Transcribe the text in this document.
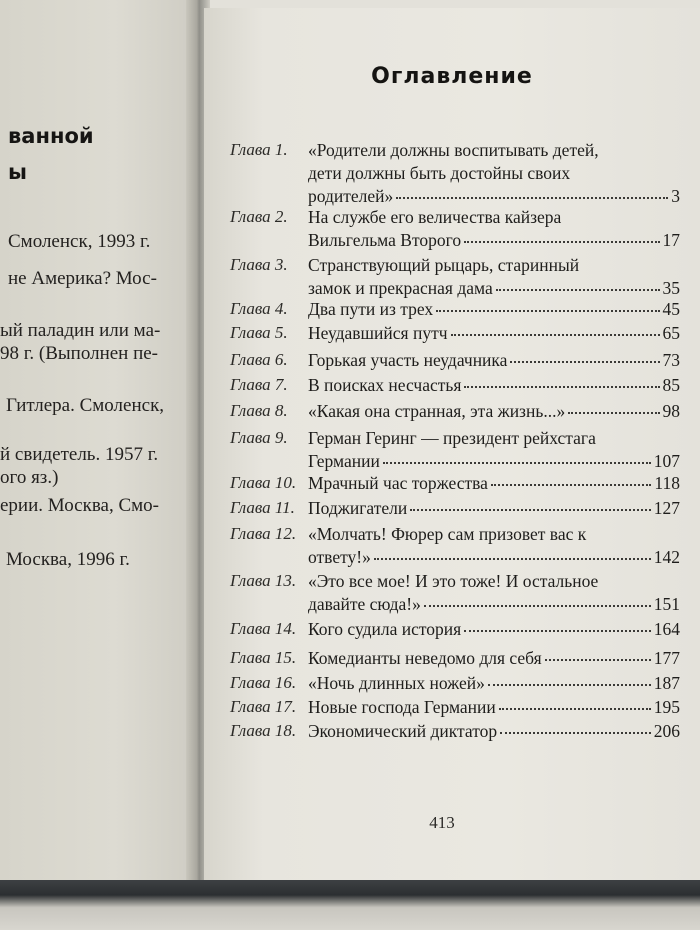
ванной
ы
Смоленск, 1993 г.
не Америка? Мос-
ый паладин или ма-
98 г. (Выполнен пе-
Гитлера. Смоленск,
й свидетель. 1957 г.
ого яз.)
ерии. Москва, Смо-
Москва, 1996 г.
Оглавление
Глава 1. «Родители должны воспитывать детей,
дети должны быть достойны своих
родителей»	3
Глава 2. На службе его величества кайзера
Вильгельма Второго	17
Глава 3. Странствующий рыцарь, старинный
замок и прекрасная дама	35
Глава 4. Два пути из трех	45
Глава 5. Неудавшийся путч	65
Глава 6. Горькая участь неудачника	73
Глава 7. В поисках несчастья	85
Глава 8. «Какая она странная, эта жизнь...»	98
Глава 9. Герман Геринг — президент рейхстага
Германии	107
Глава 10. Мрачный час торжества	118
Глава 11. Поджигатели	127
Глава 12. «Молчать! Фюрер сам призовет вас к
ответу!»	142
Глава 13. «Это все мое! И это тоже! И остальное
давайте сюда!»	151
Глава 14. Кого судила история	164
Глава 15. Комедианты неведомо для себя	177
Глава 16. «Ночь длинных ножей»	187
Глава 17. Новые господа Германии	195
Глава 18. Экономический диктатор	206
413
